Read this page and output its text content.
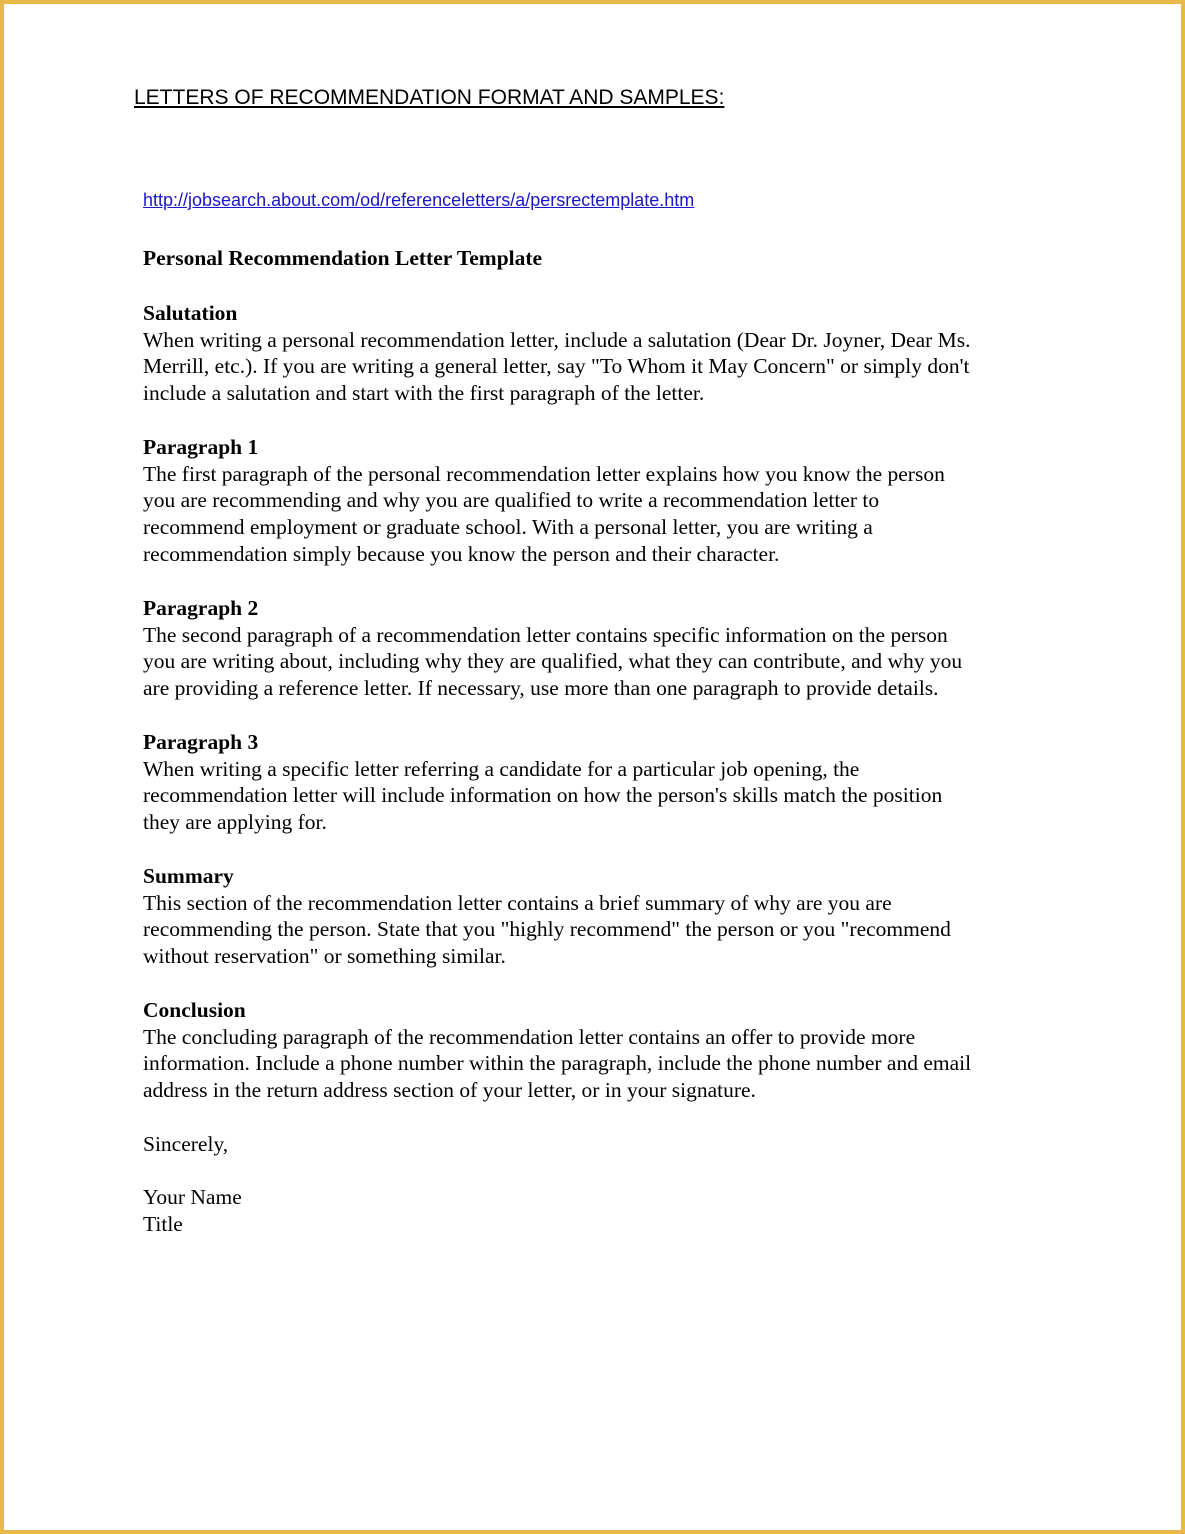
LETTERS OF RECOMMENDATION FORMAT AND SAMPLES:
http://jobsearch.about.com/od/referenceletters/a/persrectemplate.htm
Personal Recommendation Letter Template
Salutation

When writing a personal recommendation letter, include a salutation (Dear Dr. Joyner, Dear Ms.
Merrill, etc.). If you are writing a general letter, say "To Whom it May Concern" or simply don't
include a salutation and start with the first paragraph of the letter.

Paragraph 1

The first paragraph of the personal recommendation letter explains how you know the person
you are recommending and why you are qualified to write a recommendation letter to
recommend employment or graduate school. With a personal letter, you are writing a
recommendation simply because you know the person and their character.

Paragraph 2

The second paragraph of a recommendation letter contains specific information on the person
you are writing about, including why they are qualified, what they can contribute, and why you
are providing a reference letter. If necessary, use more than one paragraph to provide details.

Paragraph 3

When writing a specific letter referring a candidate for a particular job opening, the
recommendation letter will include information on how the person's skills match the position
they are applying for.

Summary

This section of the recommendation letter contains a brief summary of why are you are
recommending the person. State that you "highly recommend" the person or you "recommend
without reservation" or something similar.

Conclusion

The concluding paragraph of the recommendation letter contains an offer to provide more
information. Include a phone number within the paragraph, include the phone number and email
address in the return address section of your letter, or in your signature.

Sincerely,
Your Name
Title
